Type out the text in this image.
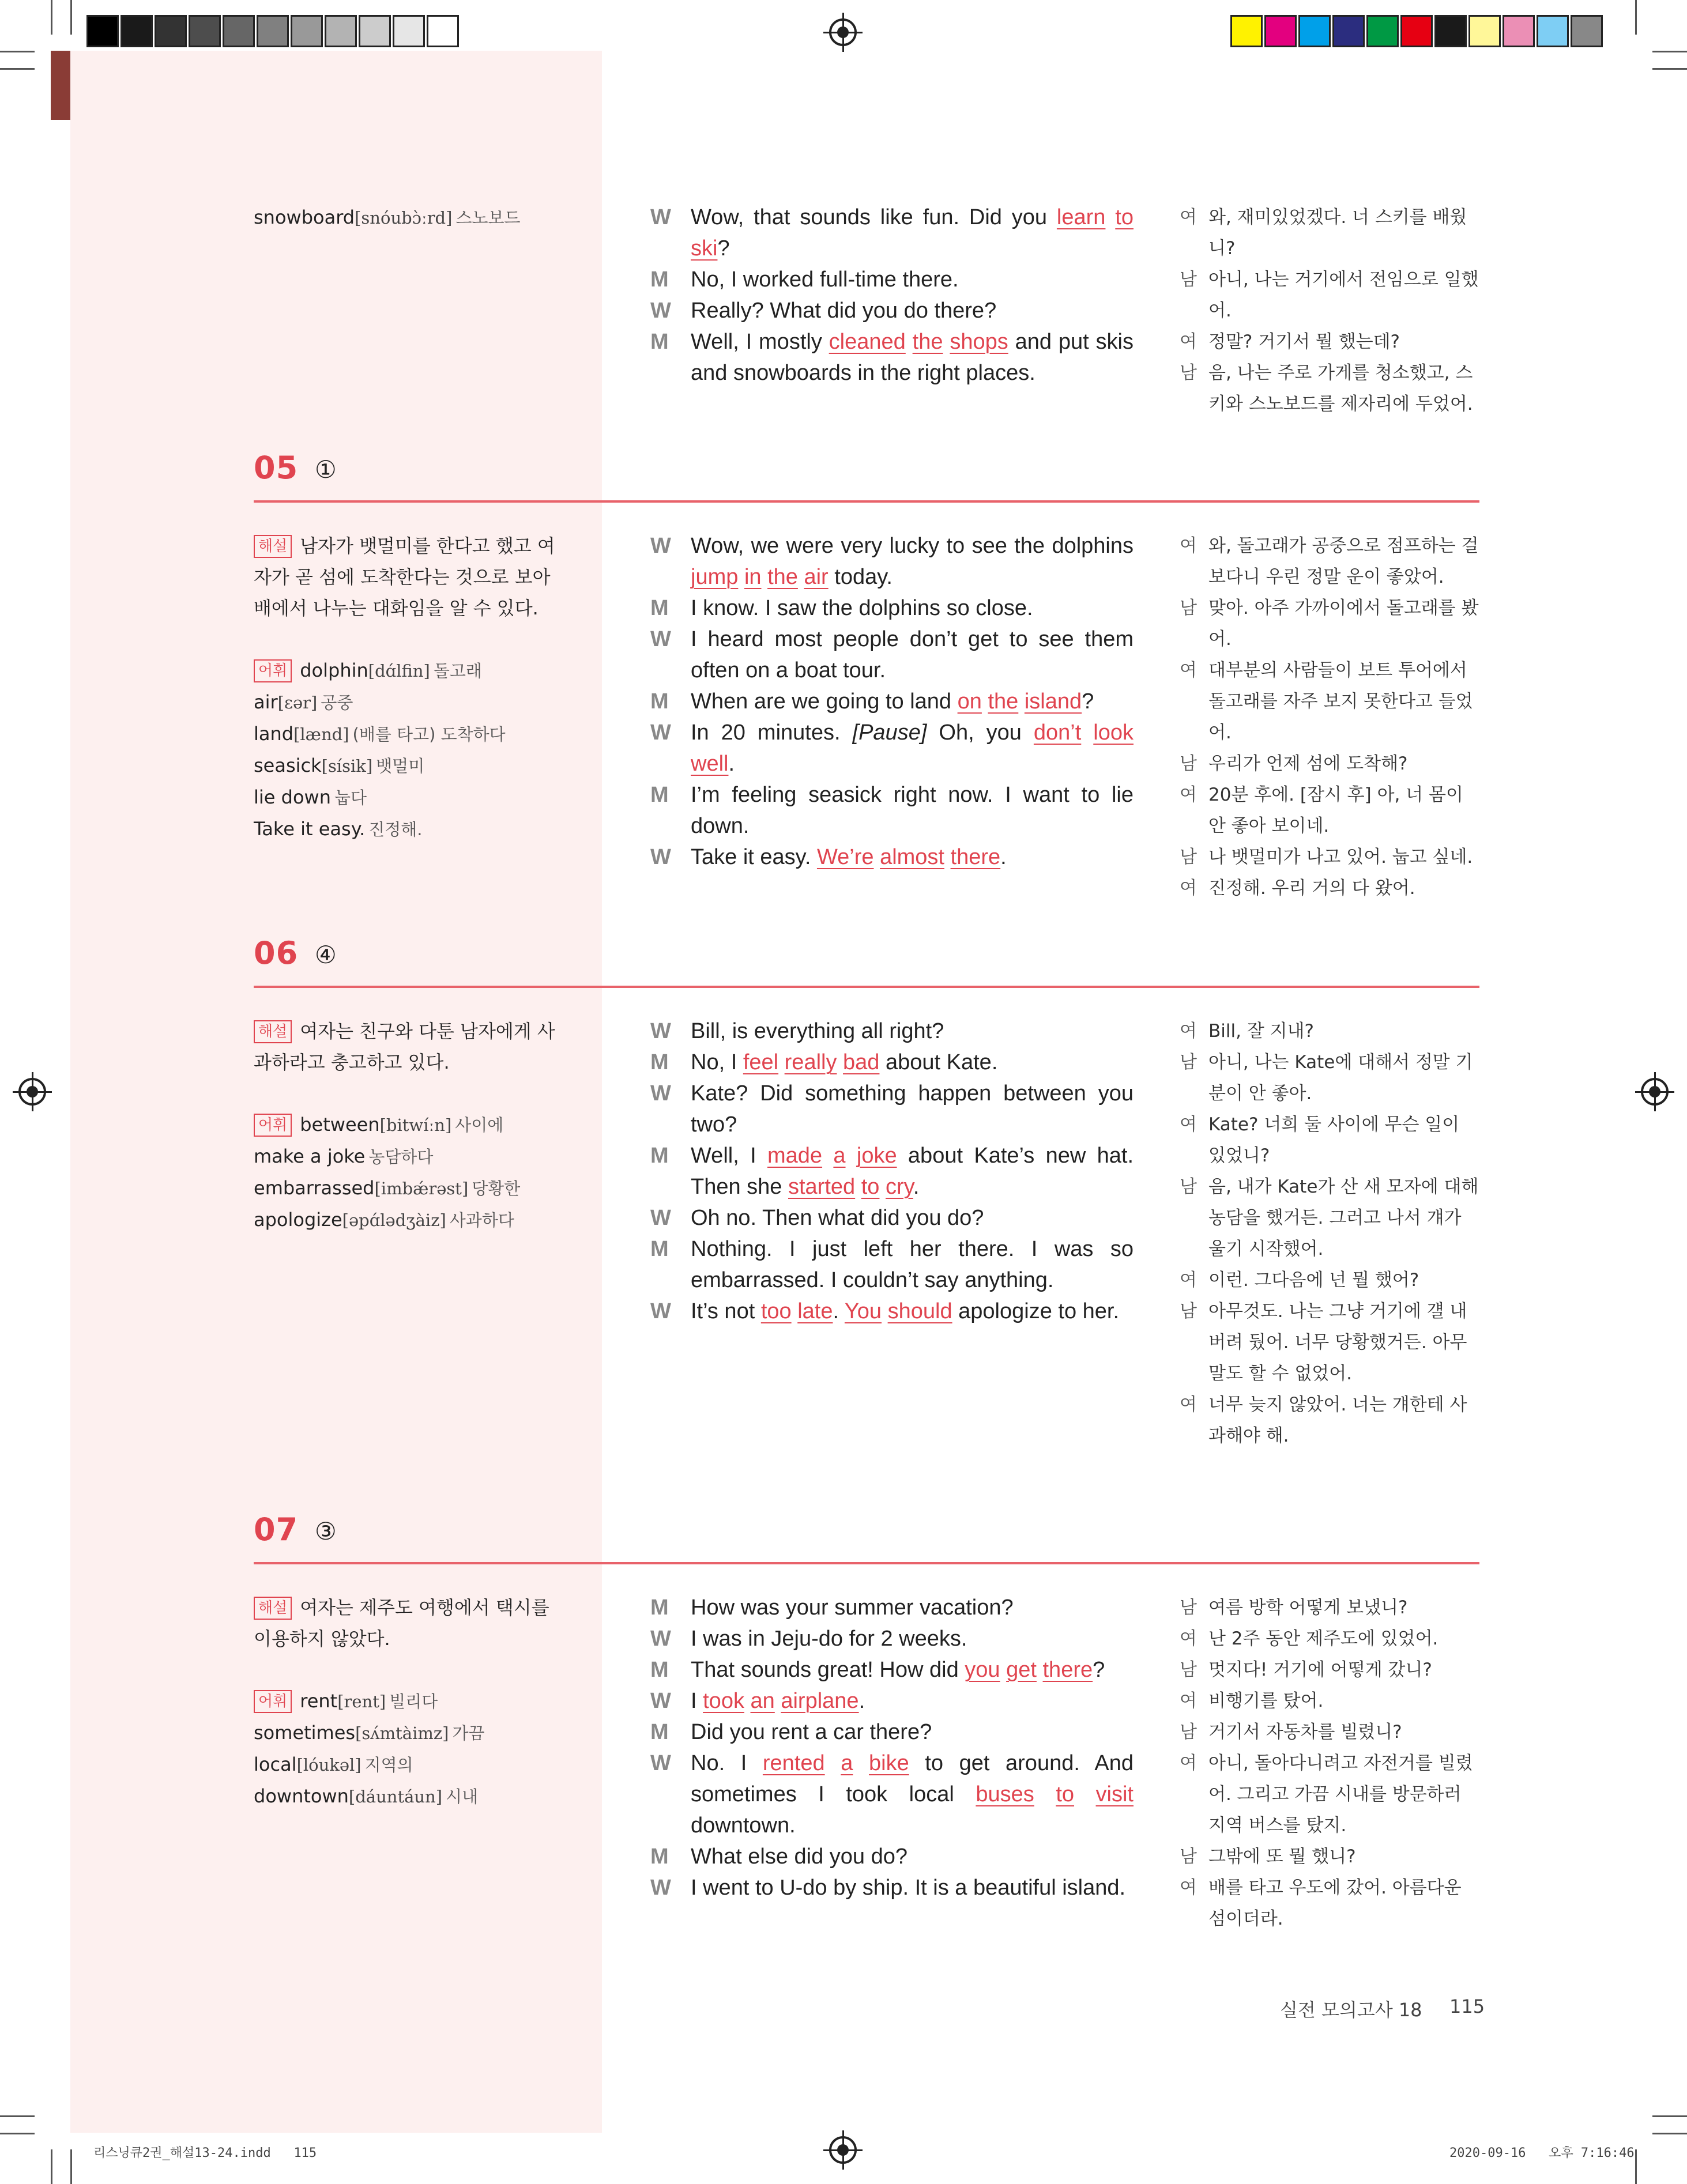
snowboard[snóubɔ̀ːrd] 스노보드	W Wow, that sounds like fun. Did you learn to ski?

M No, I worked full-time there.

W Really? What did you do there?

M Well, I mostly cleaned the shops and put skis and snowboards in the right places.

여 와, 재미있었겠다. 너 스키를 배웠니?

남 아니, 나는 거기에서 전임으로 일했어.

여 정말? 거기서 뭘 했는데?

남 음, 나는 주로 가게를 청소했고, 스키와 스노보드를 제자리에 두었어.

05 ①

해설 남자가 뱃멀미를 한다고 했고 여자가 곧 섬에 도착한다는 것으로 보아 배에서 나누는 대화임을 알 수 있다.

어휘 dolphin[dɑ́lfin] 돌고래
air[εər] 공중
land[lænd] (배를 타고) 도착하다
seasick[sísik] 뱃멀미
lie down 눕다
Take it easy. 진정해.

W Wow, we were very lucky to see the dolphins jump in the air today.

M I know. I saw the dolphins so close.

W I heard most people don’t get to see them often on a boat tour.

M When are we going to land on the island?

W In 20 minutes. [Pause] Oh, you don’t look well.

M I’m feeling seasick right now. I want to lie down.

W Take it easy. We’re almost there.

여 와, 돌고래가 공중으로 점프하는 걸 보다니 우린 정말 운이 좋았어.

남 맞아. 아주 가까이에서 돌고래를 봤어.

여 대부분의 사람들이 보트 투어에서 돌고래를 자주 보지 못한다고 들었어.

남 우리가 언제 섬에 도착해?

여 20분 후에. [잠시 후] 아, 너 몸이 안 좋아 보이네.

남 나 뱃멀미가 나고 있어. 눕고 싶네.

여 진정해. 우리 거의 다 왔어.

06 ④

해설 여자는 친구와 다툰 남자에게 사과하라고 충고하고 있다.

어휘 between[bitwíːn] 사이에
make a joke 농담하다
embarrassed[imbǽrəst] 당황한
apologize[əpɑ́lədʒàiz] 사과하다

W Bill, is everything all right?

M No, I feel really bad about Kate.

W Kate? Did something happen between you two?

M Well, I made a joke about Kate’s new hat. Then she started to cry.

W Oh no. Then what did you do?

M Nothing. I just left her there. I was so embarrassed. I couldn’t say anything.

W It’s not too late. You should apologize to her.

여 Bill, 잘 지내?

남 아니, 나는 Kate에 대해서 정말 기분이 안 좋아.

여 Kate? 너희 둘 사이에 무슨 일이 있었니?

남 음, 내가 Kate가 산 새 모자에 대해 농담을 했거든. 그러고 나서 걔가 울기 시작했어.

여 이런. 그다음에 넌 뭘 했어?

남 아무것도. 나는 그냥 거기에 걜 내버려 뒀어. 너무 당황했거든. 아무 말도 할 수 없었어.

여 너무 늦지 않았어. 너는 걔한테 사과해야 해.

07 ③

해설 여자는 제주도 여행에서 택시를 이용하지 않았다.

어휘 rent[rent] 빌리다
sometimes[sʌ́mtàimz] 가끔
local[lóukəl] 지역의
downtown[dáuntáun] 시내

M How was your summer vacation?

W I was in Jeju-do for 2 weeks.

M That sounds great! How did you get there?

W I took an airplane.

M Did you rent a car there?

W No. I rented a bike to get around. And sometimes I took local buses to visit downtown.

M What else did you do?

W I went to U-do by ship. It is a beautiful island.

남 여름 방학 어떻게 보냈니?

여 난 2주 동안 제주도에 있었어.

남 멋지다! 거기에 어떻게 갔니?

여 비행기를 탔어.

남 거기서 자동차를 빌렸니?

여 아니, 돌아다니려고 자전거를 빌렸어. 그리고 가끔 시내를 방문하러 지역 버스를 탔지.

남 그밖에 또 뭘 했니?

여 배를 타고 우도에 갔어. 아름다운 섬이더라.

실전 모의고사 18 115
리스닝큐2권_해설13-24.indd   115	2020-09-16   오후 7:16:46
